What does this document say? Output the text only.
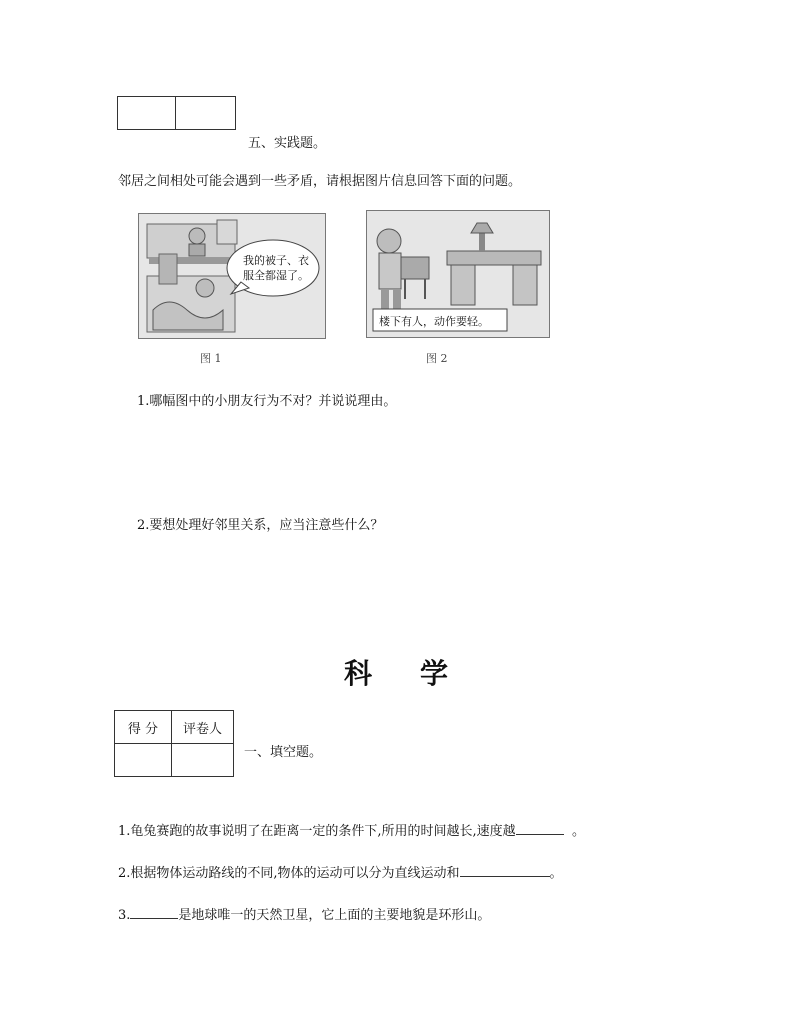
五、实践题。
邻居之间相处可能会遇到一些矛盾，请根据图片信息回答下面的问题。
我的被子、衣服全都湿了。
图 1
楼下有人，动作要轻。
图 2
1.哪幅图中的小朋友行为不对？并说说理由。
2.要想处理好邻里关系，应当注意些什么？
科 学
得 分	评卷人

一、填空题。
1.龟兔赛跑的故事说明了在距离一定的条件下,所用的时间越长,速度越	。
2.根据物体运动路线的不同,物体的运动可以分为直线运动和	。
3.	是地球唯一的天然卫星，它上面的主要地貌是环形山。
